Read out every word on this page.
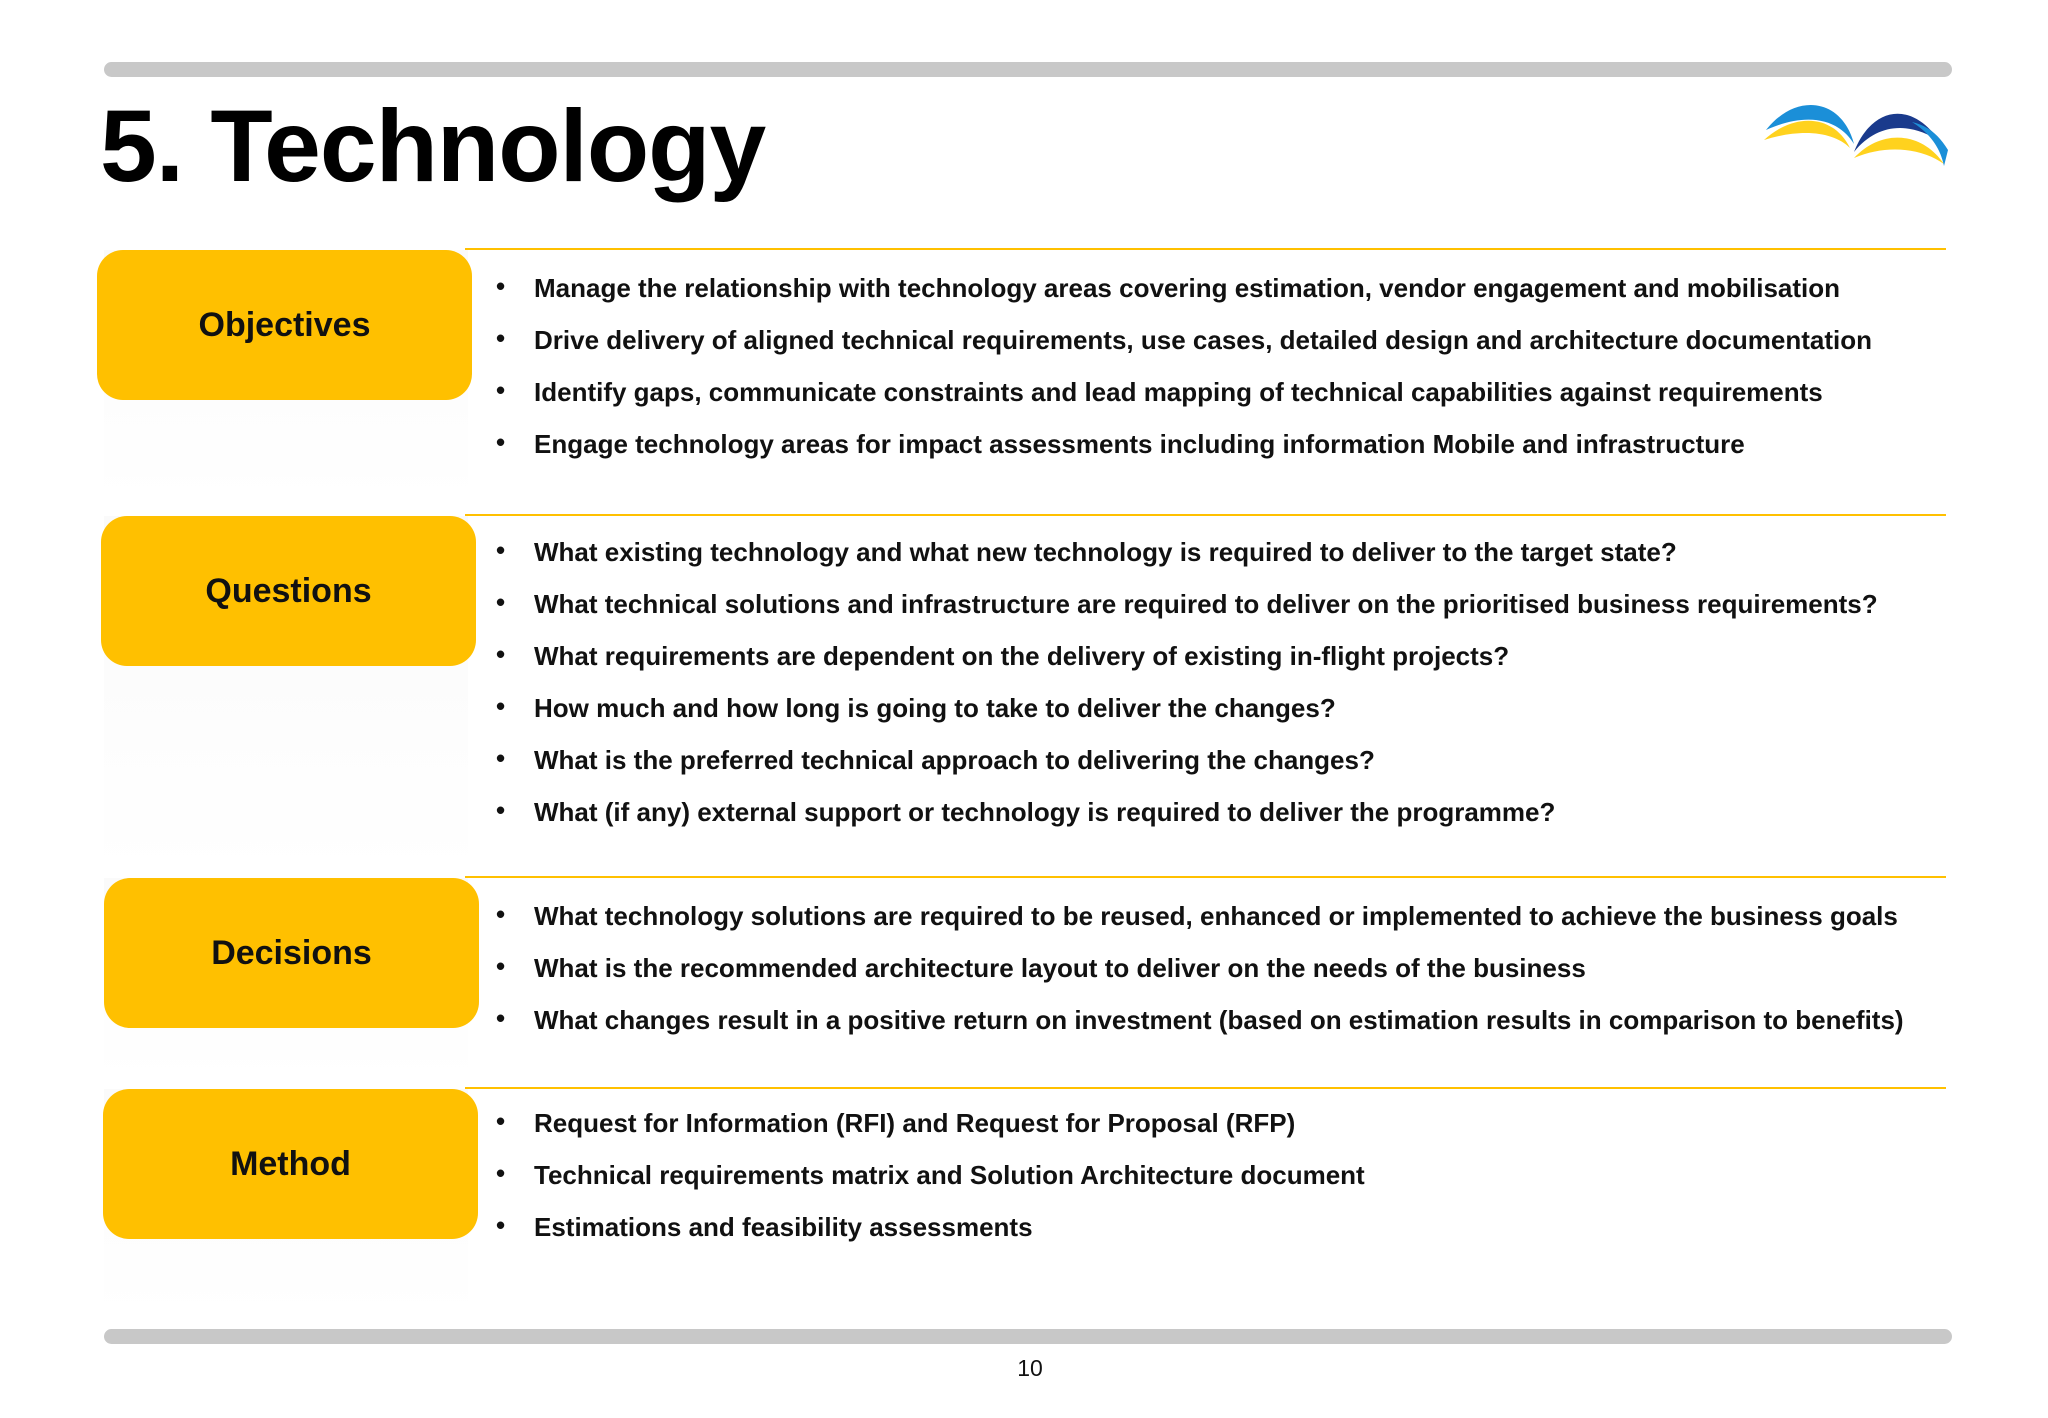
5. Technology
Objectives
• Manage the relationship with technology areas covering estimation, vendor engagement and mobilisation
• Drive delivery of aligned technical requirements, use cases, detailed design and architecture documentation
• Identify gaps, communicate constraints and lead mapping of technical capabilities against requirements
• Engage technology areas for impact assessments including information Mobile and infrastructure
Questions
• What existing technology and what new technology is required to deliver to the target state?
• What technical solutions and infrastructure are required to deliver on the prioritised business requirements?
• What requirements are dependent on the delivery of existing in-flight projects?
• How much and how long is going to take to deliver the changes?
• What is the preferred technical approach to delivering the changes?
• What (if any) external support or technology is required to deliver the programme?
Decisions
• What technology solutions are required to be reused, enhanced or implemented to achieve the business goals
• What is the recommended architecture layout to deliver on the needs of the business
• What changes result in a positive return on investment (based on estimation results in comparison to benefits)
Method
• Request for Information (RFI) and Request for Proposal (RFP)
• Technical requirements matrix and Solution Architecture document
• Estimations and feasibility assessments
10
